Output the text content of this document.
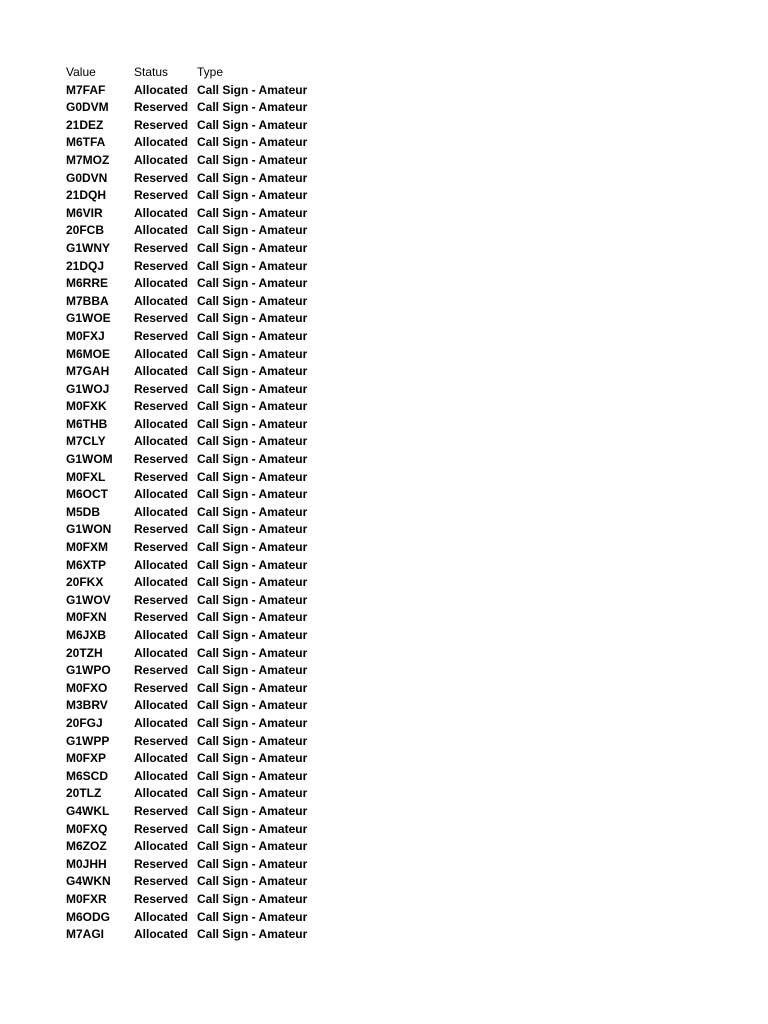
Value	Status	Type
M7FAF	Allocated	Call Sign - Amateur
G0DVM	Reserved	Call Sign - Amateur
21DEZ	Reserved	Call Sign - Amateur
M6TFA	Allocated	Call Sign - Amateur
M7MOZ	Allocated	Call Sign - Amateur
G0DVN	Reserved	Call Sign - Amateur
21DQH	Reserved	Call Sign - Amateur
M6VIR	Allocated	Call Sign - Amateur
20FCB	Allocated	Call Sign - Amateur
G1WNY	Reserved	Call Sign - Amateur
21DQJ	Reserved	Call Sign - Amateur
M6RRE	Allocated	Call Sign - Amateur
M7BBA	Allocated	Call Sign - Amateur
G1WOE	Reserved	Call Sign - Amateur
M0FXJ	Reserved	Call Sign - Amateur
M6MOE	Allocated	Call Sign - Amateur
M7GAH	Allocated	Call Sign - Amateur
G1WOJ	Reserved	Call Sign - Amateur
M0FXK	Reserved	Call Sign - Amateur
M6THB	Allocated	Call Sign - Amateur
M7CLY	Allocated	Call Sign - Amateur
G1WOM	Reserved	Call Sign - Amateur
M0FXL	Reserved	Call Sign - Amateur
M6OCT	Allocated	Call Sign - Amateur
M5DB	Allocated	Call Sign - Amateur
G1WON	Reserved	Call Sign - Amateur
M0FXM	Reserved	Call Sign - Amateur
M6XTP	Allocated	Call Sign - Amateur
20FKX	Allocated	Call Sign - Amateur
G1WOV	Reserved	Call Sign - Amateur
M0FXN	Reserved	Call Sign - Amateur
M6JXB	Allocated	Call Sign - Amateur
20TZH	Allocated	Call Sign - Amateur
G1WPO	Reserved	Call Sign - Amateur
M0FXO	Reserved	Call Sign - Amateur
M3BRV	Allocated	Call Sign - Amateur
20FGJ	Allocated	Call Sign - Amateur
G1WPP	Reserved	Call Sign - Amateur
M0FXP	Allocated	Call Sign - Amateur
M6SCD	Allocated	Call Sign - Amateur
20TLZ	Allocated	Call Sign - Amateur
G4WKL	Reserved	Call Sign - Amateur
M0FXQ	Reserved	Call Sign - Amateur
M6ZOZ	Allocated	Call Sign - Amateur
M0JHH	Reserved	Call Sign - Amateur
G4WKN	Reserved	Call Sign - Amateur
M0FXR	Reserved	Call Sign - Amateur
M6ODG	Allocated	Call Sign - Amateur
M7AGI	Allocated	Call Sign - Amateur
